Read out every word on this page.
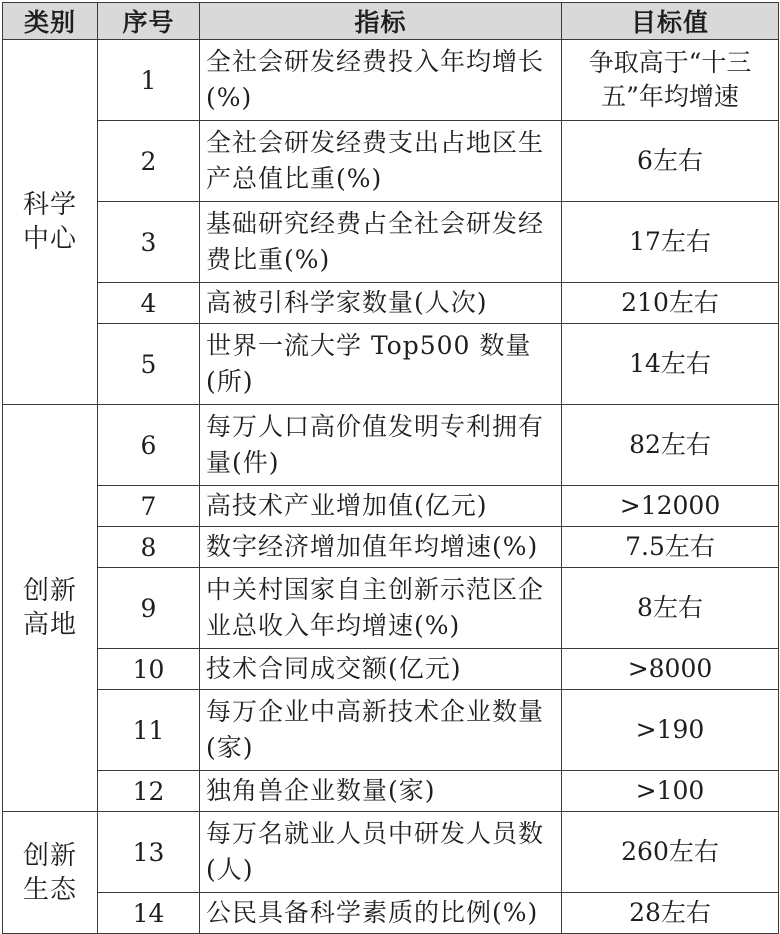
类别	序号	指标	目标值

科学
中心	1	全社会研发经费投入年均增长(%)	争取高于“十三五”年均增速
	2	全社会研发经费支出占地区生产总值比重(%)	6左右
	3	基础研究经费占全社会研发经费比重(%)	17左右
	4	高被引科学家数量(人次)	210左右
	5	世界一流大学 Top500 数量(所)	14左右

创新
高地	6	每万人口高价值发明专利拥有量(件)	82左右
	7	高技术产业增加值(亿元)	>12000
	8	数字经济增加值年均增速(%)	7.5左右
	9	中关村国家自主创新示范区企业总收入年均增速(%)	8左右
	10	技术合同成交额(亿元)	>8000
	11	每万企业中高新技术企业数量(家)	>190
	12	独角兽企业数量(家)	>100

创新
生态	13	每万名就业人员中研发人员数(人)	260左右
	14	公民具备科学素质的比例(%)	28左右
